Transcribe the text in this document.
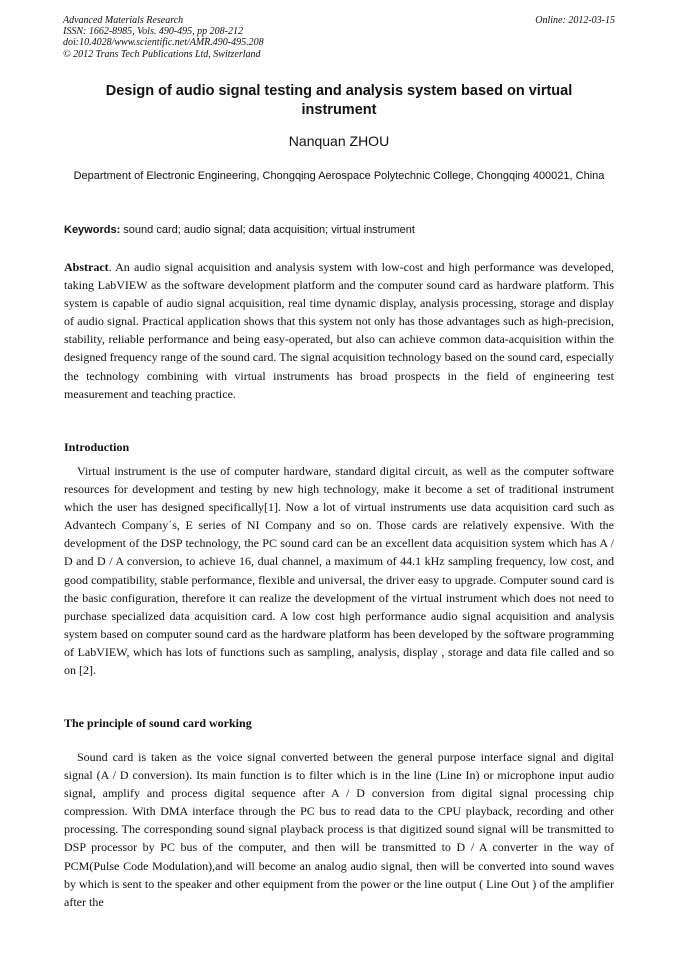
Advanced Materials Research
ISSN: 1662-8985, Vols. 490-495, pp 208-212
doi:10.4028/www.scientific.net/AMR.490-495.208
© 2012 Trans Tech Publications Ltd, Switzerland
Online: 2012-03-15
Design of audio signal testing and analysis system based on virtual instrument
Nanquan ZHOU
Department of Electronic Engineering, Chongqing Aerospace Polytechnic College, Chongqing 400021, China
Keywords: sound card; audio signal; data acquisition; virtual instrument
Abstract. An audio signal acquisition and analysis system with low-cost and high performance was developed, taking LabVIEW as the software development platform and the computer sound card as hardware platform. This system is capable of audio signal acquisition, real time dynamic display, analysis processing, storage and display of audio signal. Practical application shows that this system not only has those advantages such as high-precision, stability, reliable performance and being easy-operated, but also can achieve common data-acquisition within the designed frequency range of the sound card. The signal acquisition technology based on the sound card, especially the technology combining with virtual instruments has broad prospects in the field of engineering test measurement and teaching practice.
Introduction
Virtual instrument is the use of computer hardware, standard digital circuit, as well as the computer software resources for development and testing by new high technology, make it become a set of traditional instrument which the user has designed specifically[1]. Now a lot of virtual instruments use data acquisition card such as Advantech Company΄s, E series of NI Company and so on. Those cards are relatively expensive. With the development of the DSP technology, the PC sound card can be an excellent data acquisition system which has A / D and D / A conversion, to achieve 16, dual channel, a maximum of 44.1 kHz sampling frequency, low cost, and good compatibility, stable performance, flexible and universal, the driver easy to upgrade. Computer sound card is the basic configuration, therefore it can realize the development of the virtual instrument which does not need to purchase specialized data acquisition card. A low cost high performance audio signal acquisition and analysis system based on computer sound card as the hardware platform has been developed by the software programming of LabVIEW, which has lots of functions such as sampling, analysis, display , storage and data file called and so on [2].
The principle of sound card working
Sound card is taken as the voice signal converted between the general purpose interface signal and digital signal (A / D conversion). Its main function is to filter which is in the line (Line In) or microphone input audio signal, amplify and process digital sequence after A / D conversion from digital signal processing chip compression. With DMA interface through the PC bus to read data to the CPU playback, recording and other processing. The corresponding sound signal playback process is that digitized sound signal will be transmitted to DSP processor by PC bus of the computer, and then will be transmitted to D / A converter in the way of PCM(Pulse Code Modulation),and will become an analog audio signal, then will be converted into sound waves by which is sent to the speaker and other equipment from the power or the line output ( Line Out ) of the amplifier after the
